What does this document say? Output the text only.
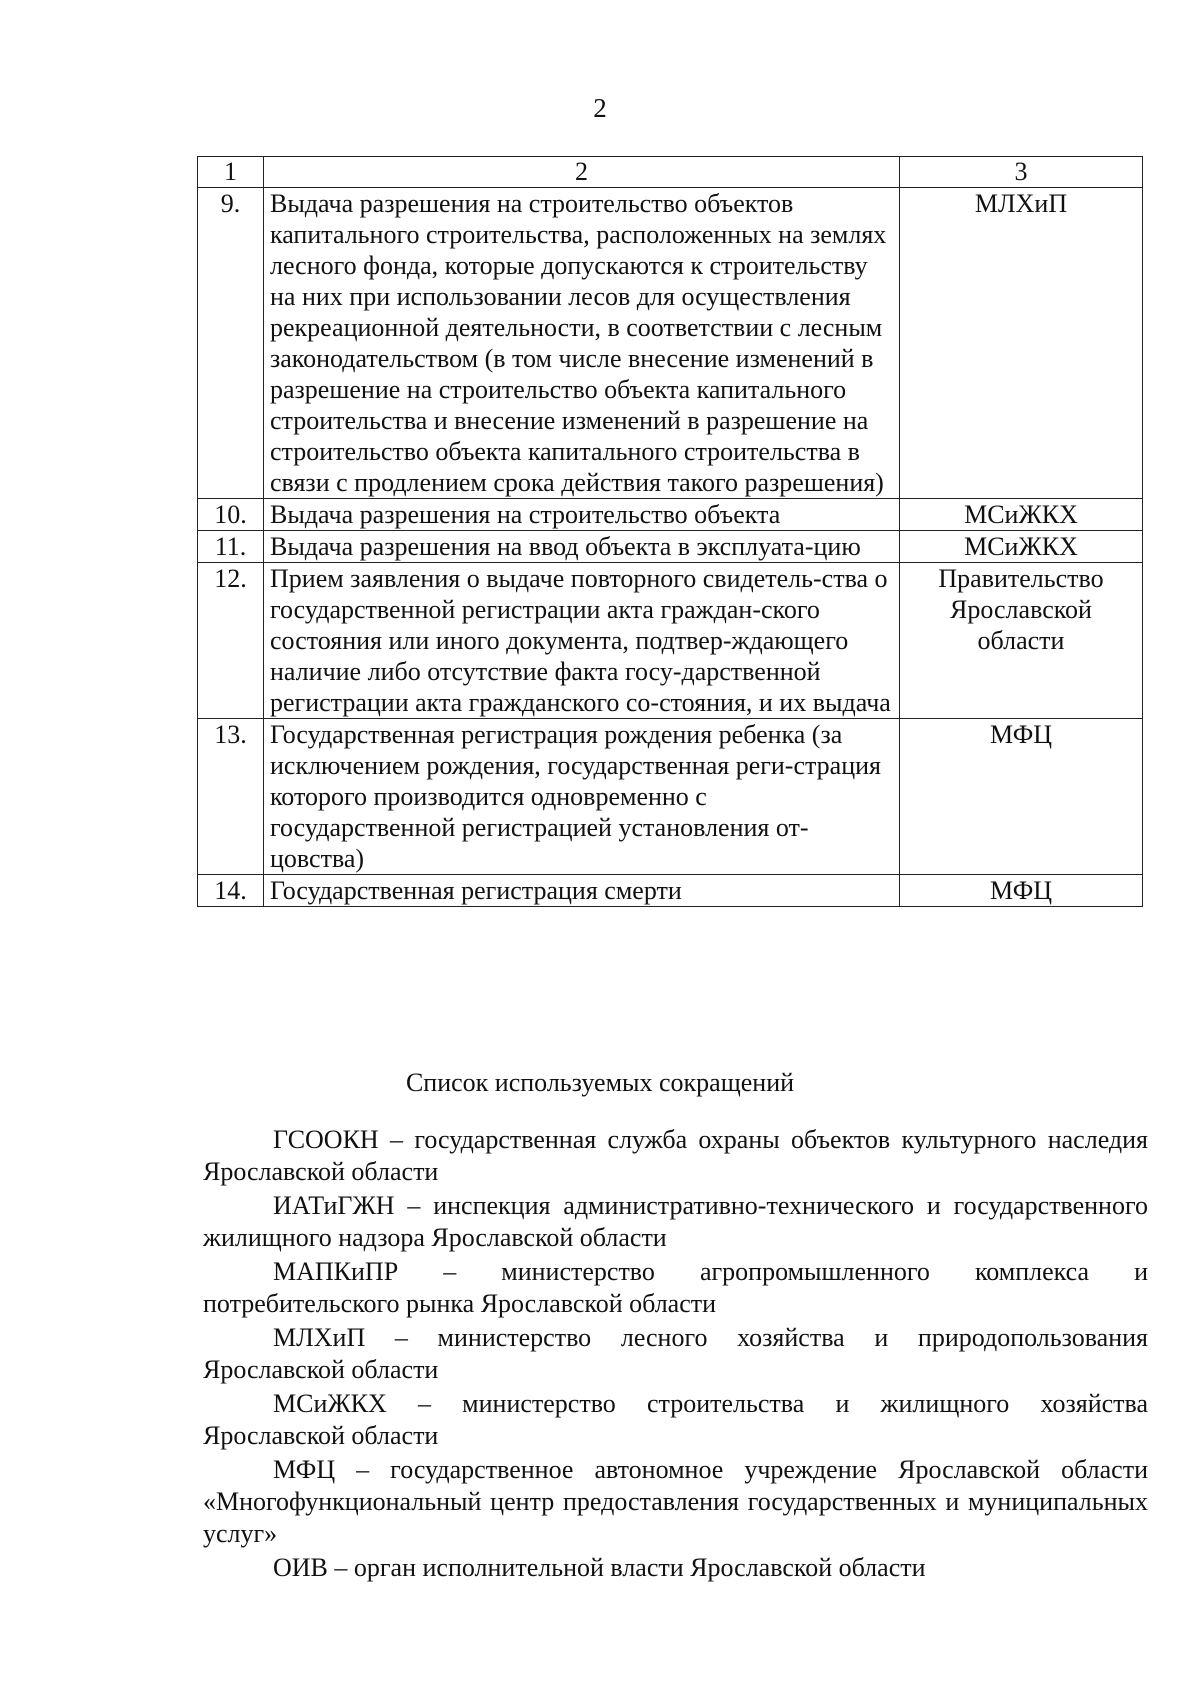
2
1	2	3
9.	Выдача разрешения на строительство объектов капитального строительства, расположенных на землях лесного фонда, которые допускаются к строительству на них при использовании лесов для осуществления рекреационной деятельности, в соответствии с лесным законодательством (в том числе внесение изменений в разрешение на строительство объекта капитального строительства и внесение изменений в разрешение на строительство объекта капитального строительства в связи с продлением срока действия такого разрешения)	МЛХиП
10.	Выдача разрешения на строительство объекта	МСиЖКХ
11.	Выдача разрешения на ввод объекта в эксплуата-цию	МСиЖКХ
12.	Прием заявления о выдаче повторного свидетель-ства о государственной регистрации акта граждан-ского состояния или иного документа, подтвер-ждающего наличие либо отсутствие факта госу-дарственной регистрации акта гражданского со-стояния, и их выдача	Правительство Ярославской области
13.	Государственная регистрация рождения ребенка (за исключением рождения, государственная реги-страция которого производится одновременно с государственной регистрацией установления от-цовства)	МФЦ
14.	Государственная регистрация смерти	МФЦ
Список используемых сокращений

ГСООКН – государственная служба охраны объектов культурного наследия Ярославской области

ИАТиГЖН – инспекция административно-технического и государственного жилищного надзора Ярославской области

МАПКиПР – министерство агропромышленного комплекса и потребительского рынка Ярославской области

МЛХиП – министерство лесного хозяйства и природопользования Ярославской области

МСиЖКХ – министерство строительства и жилищного хозяйства Ярославской области

МФЦ – государственное автономное учреждение Ярославской области «Многофункциональный центр предоставления государственных и муниципальных услуг»

ОИВ – орган исполнительной власти Ярославской области
